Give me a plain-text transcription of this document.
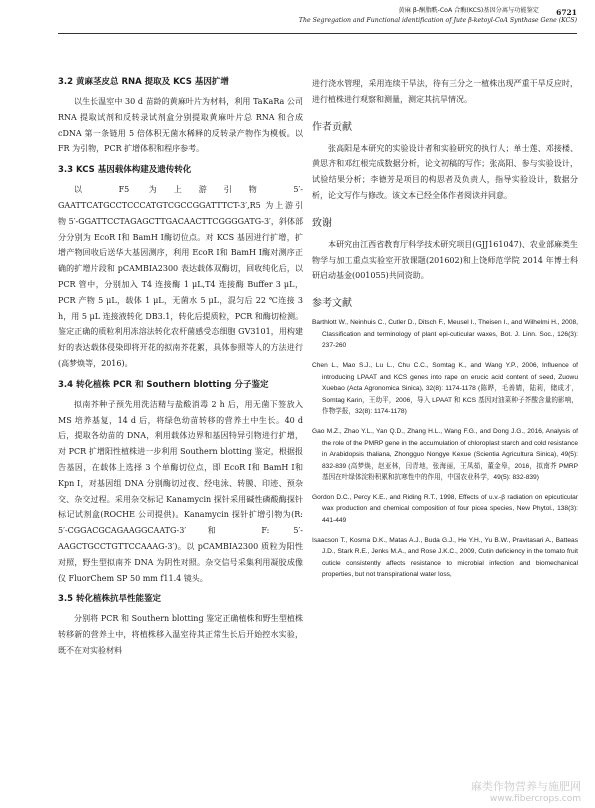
黄麻 β-酮脂酰-CoA 合酶(KCS)基因分离与功能鉴定
The Segregation and Functional identification of Jute β-ketoyl-CoA Synthase Gene (KCS)
6721
3.2 黄麻茎皮总 RNA 提取及 KCS 基因扩增

以生长温室中 30 d 苗龄的黄麻叶片为材料，利用 TaKaRa 公司 RNA 提取试剂和反转录试剂盒分别提取黄麻叶片总 RNA 和合成 cDNA 第一条链用 5 倍体积无菌水稀释的反转录产物作为模板。以 FR 为引物，PCR 扩增体积和程序参考。

3.3 KCS 基因载体构建及遗传转化

以 F5 为上游引物 5′-GAATTCATGCCTCCCATGTCGCCGGATTTCT-3′,R5 为上游引物 5′-GGATTCCTAGAGCTTGACAACTTCGGGGATG-3′，斜体部分分别为 EcoR Ⅰ和 BamH Ⅰ酶切位点。对 KCS 基因进行扩增，扩增产物回收后送华大基因测序，利用 EcoR Ⅰ和 BamH Ⅰ酶对测序正确的扩增片段和 pCAMBIA2300 表达载体双酶切，回收纯化后，以 PCR 管中，分别加入 T4 连接酶 1 μL,T4 连接酶 Buffer 3 μL，PCR 产物 5 μL，载体 1 μL，无菌水 5 μL，混匀后 22 ℃连接 3 h，用 5 μL 连接液转化 DB3.1，转化后提质粒，PCR 和酶切检测。鉴定正确的质粒利用冻溶法转化农杆菌感受态细胞 GV3101，用构建好的表达载体侵染即将开花的拟南芥花絮，具体参照等人的方法进行(高梦焕等，2016)。

3.4 转化植株 PCR 和 Southern blotting 分子鉴定

拟南芥种子预先用洗洁精与盐酸消毒 2 h 后，用无菌下签放入 MS 培养基复，14 d 后，将绿色幼苗转移的营养土中生长。40 d 后，提取各幼苗的 DNA，利用载体边界和基因特异引物进行扩增，对 PCR 扩增阳性植株进一步利用 Southern blotting 鉴定，根据报告基因，在载体上选择 3 个单酶切位点，即 EcoR Ⅰ和 BamH Ⅰ和 Kpn Ⅰ，对基因组 DNA 分别酶切过夜、经电泳、转膜、印迹、预杂交、杂交过程。采用杂交标记 Kanamycin 探针采用碱性磷酸酶探针标记试剂盒(ROCHE 公司提供)。Kanamycin 探针扩增引物为(R: 5′-CGGACGCAGAAGGCAATG-3′和 F: 5′-AAGCTGCCTGTTCCAAAG-3′)。以 pCAMBIA2300 质粒为阳性对照，野生型拟南芥 DNA 为阴性对照。杂交信号采集利用凝胶成像仪 FluorChem SP 50 mm f11.4 镜头。

3.5 转化植株抗旱性能鉴定

分别将 PCR 和 Southern blotting 鉴定正确植株和野生型植株转移新的营养土中，将植株移入温室待其正常生长后开始控水实验，既不在对实验材料

进行浇水管理，采用连续干旱法，待有三分之一植株出现严重干旱反应时，进行植株进行观察和测量，测定其抗旱情况。

作者贡献

张高阳是本研究的实验设计者和实验研究的执行人；单士莲、邓接楼、黄思齐和邓红根完成数据分析，论文初稿的写作；张高阳、参与实验设计，试验结果分析；李德芳是项目的构思者及负责人，指导实验设计，数据分析，论文写作与修改。该文本已经全体作者阅读并同意。

致谢

本研究由江西省教育厅科学技术研究项目(GJJ161047)、农业部麻类生物学与加工重点实验室开放课题(201602)和上饶师范学院 2014 年博士科研启动基金(001055)共同资助。

参考文献
Barthlott W., Neinhuis C., Cutler D., Ditsch F., Meusel I., Theisen I., and Wilhelmi H., 2008, Classification and terminology of plant epi-cuticular waxes, Bot. J. Linn. Soc., 126(3): 237-260
Chen L., Mao S.J., Lu L., Chu C.C., Somtag K., and Wang Y.P., 2006, Influence of introducing LPAAT and KCS genes into rape on erucic acid content of seed, Zuowu Xuebao (Acta Agronomica Sinica), 32(8): 1174-1178 (陈晔，毛善婧，陆莉，储成才，Somtag Karin，王幼平，2006，导入 LPAAT 和 KCS 基因对油菜种子芥酸含量的影响，作物学报，32(8): 1174-1178)
Gao M.Z., Zhao Y.L., Yan Q.D., Zhang H.L., Wang F.G., and Dong J.G., 2016, Analysis of the role of the PMRP gene in the accumulation of chloroplast starch and cold resistance in Arabidopsis thaliana, Zhongguo Nongye Kexue (Scientia Agricultura Sinica), 49(5): 832-839 (高梦焕，赵亚林，闫青地，张海丽，王凤茹，董金皋，2016，拟南芥 PMRP 基因在叶绿体淀粉积累和抗寒性中的作用，中国农业科学，49(5): 832-839)
Gordon D.C., Percy K.E., and Riding R.T., 1998, Effects of u.v.-β radiation on epicuticular wax production and chemical composition of four picea species, New Phytol., 138(3): 441-449
Isaacson T., Kosma D.K., Matas A.J., Buda G.J., He Y.H., Yu B.W., Pravitasari A., Batteas J.D., Stark R.E., Jenks M.A., and Rose J.K.C., 2009, Cutin deficiency in the tomato fruit cuticle consistently affects resistance to microbial infection and biomechanical properties, but not transpirational water loss,
麻类作物营养与施肥网
www.fibercrops.com
